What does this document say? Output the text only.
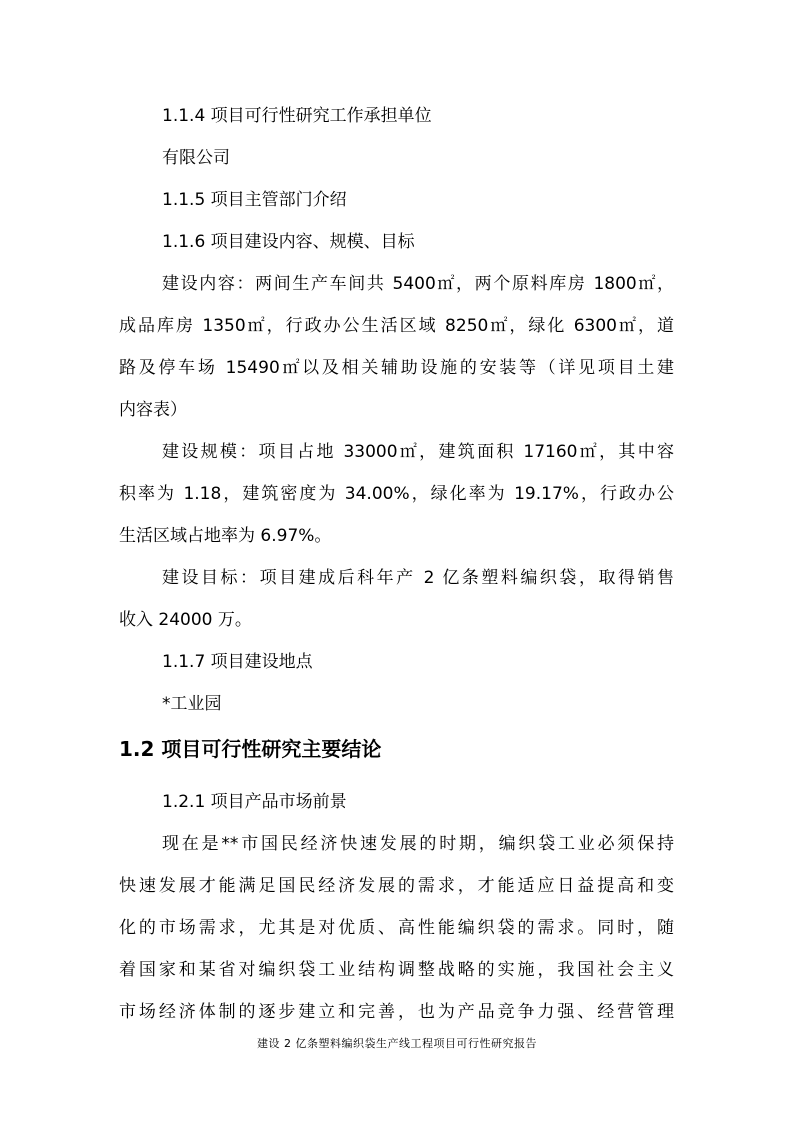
1.1.4 项目可行性研究工作承担单位
有限公司
1.1.5 项目主管部门介绍
1.1.6 项目建设内容、规模、目标
建设内容：两间生产车间共 5400㎡，两个原料库房 1800㎡，
成品库房 1350㎡，行政办公生活区域 8250㎡，绿化 6300㎡，道
路及停车场 15490㎡以及相关辅助设施的安装等（详见项目土建
内容表）
建设规模：项目占地 33000㎡，建筑面积 17160㎡，其中容
积率为 1.18，建筑密度为 34.00%，绿化率为 19.17%，行政办公
生活区域占地率为 6.97%。
建设目标：项目建成后科年产 2 亿条塑料编织袋，取得销售
收入 24000 万。
1.1.7 项目建设地点
*工业园
1.2 项目可行性研究主要结论
1.2.1 项目产品市场前景
现在是**市国民经济快速发展的时期，编织袋工业必须保持
快速发展才能满足国民经济发展的需求，才能适应日益提高和变
化的市场需求，尤其是对优质、高性能编织袋的需求。同时，随
着国家和某省对编织袋工业结构调整战略的实施，我国社会主义
市场经济体制的逐步建立和完善，也为产品竞争力强、经营管理
建设 2 亿条塑料编织袋生产线工程项目可行性研究报告
